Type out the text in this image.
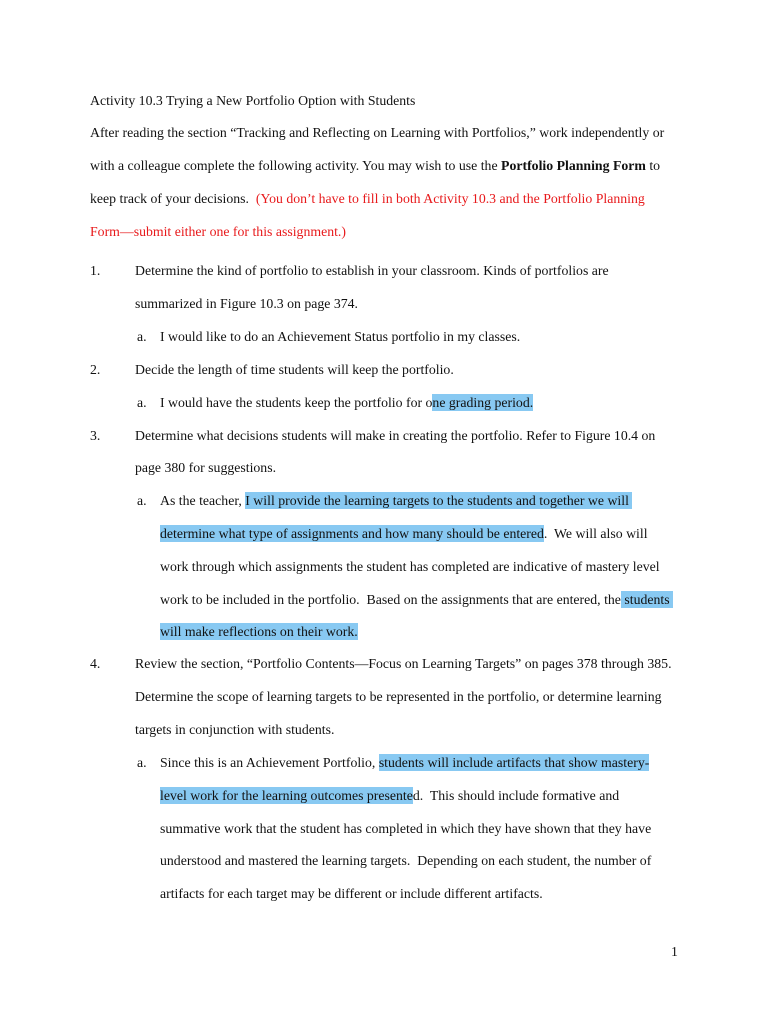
Activity 10.3 Trying a New Portfolio Option with Students
After reading the section “Tracking and Reflecting on Learning with Portfolios,” work independently or
with a colleague complete the following activity. You may wish to use the Portfolio Planning Form to
keep track of your decisions.  (You don’t have to fill in both Activity 10.3 and the Portfolio Planning
Form—submit either one for this assignment.)
1.	Determine the kind of portfolio to establish in your classroom. Kinds of portfolios are
summarized in Figure 10.3 on page 374.
a. I would like to do an Achievement Status portfolio in my classes.
2.	Decide the length of time students will keep the portfolio.
a. I would have the students keep the portfolio for one grading period.
3.	Determine what decisions students will make in creating the portfolio. Refer to Figure 10.4 on
page 380 for suggestions.
a. As the teacher, I will provide the learning targets to the students and together we will
determine what type of assignments and how many should be entered.  We will also will
work through which assignments the student has completed are indicative of mastery level
work to be included in the portfolio.  Based on the assignments that are entered, the students
will make reflections on their work.
4.	Review the section, “Portfolio Contents—Focus on Learning Targets” on pages 378 through 385.
Determine the scope of learning targets to be represented in the portfolio, or determine learning
targets in conjunction with students.
a. Since this is an Achievement Portfolio, students will include artifacts that show mastery-
level work for the learning outcomes presented.  This should include formative and
summative work that the student has completed in which they have shown that they have
understood and mastered the learning targets.  Depending on each student, the number of
artifacts for each target may be different or include different artifacts.
1
